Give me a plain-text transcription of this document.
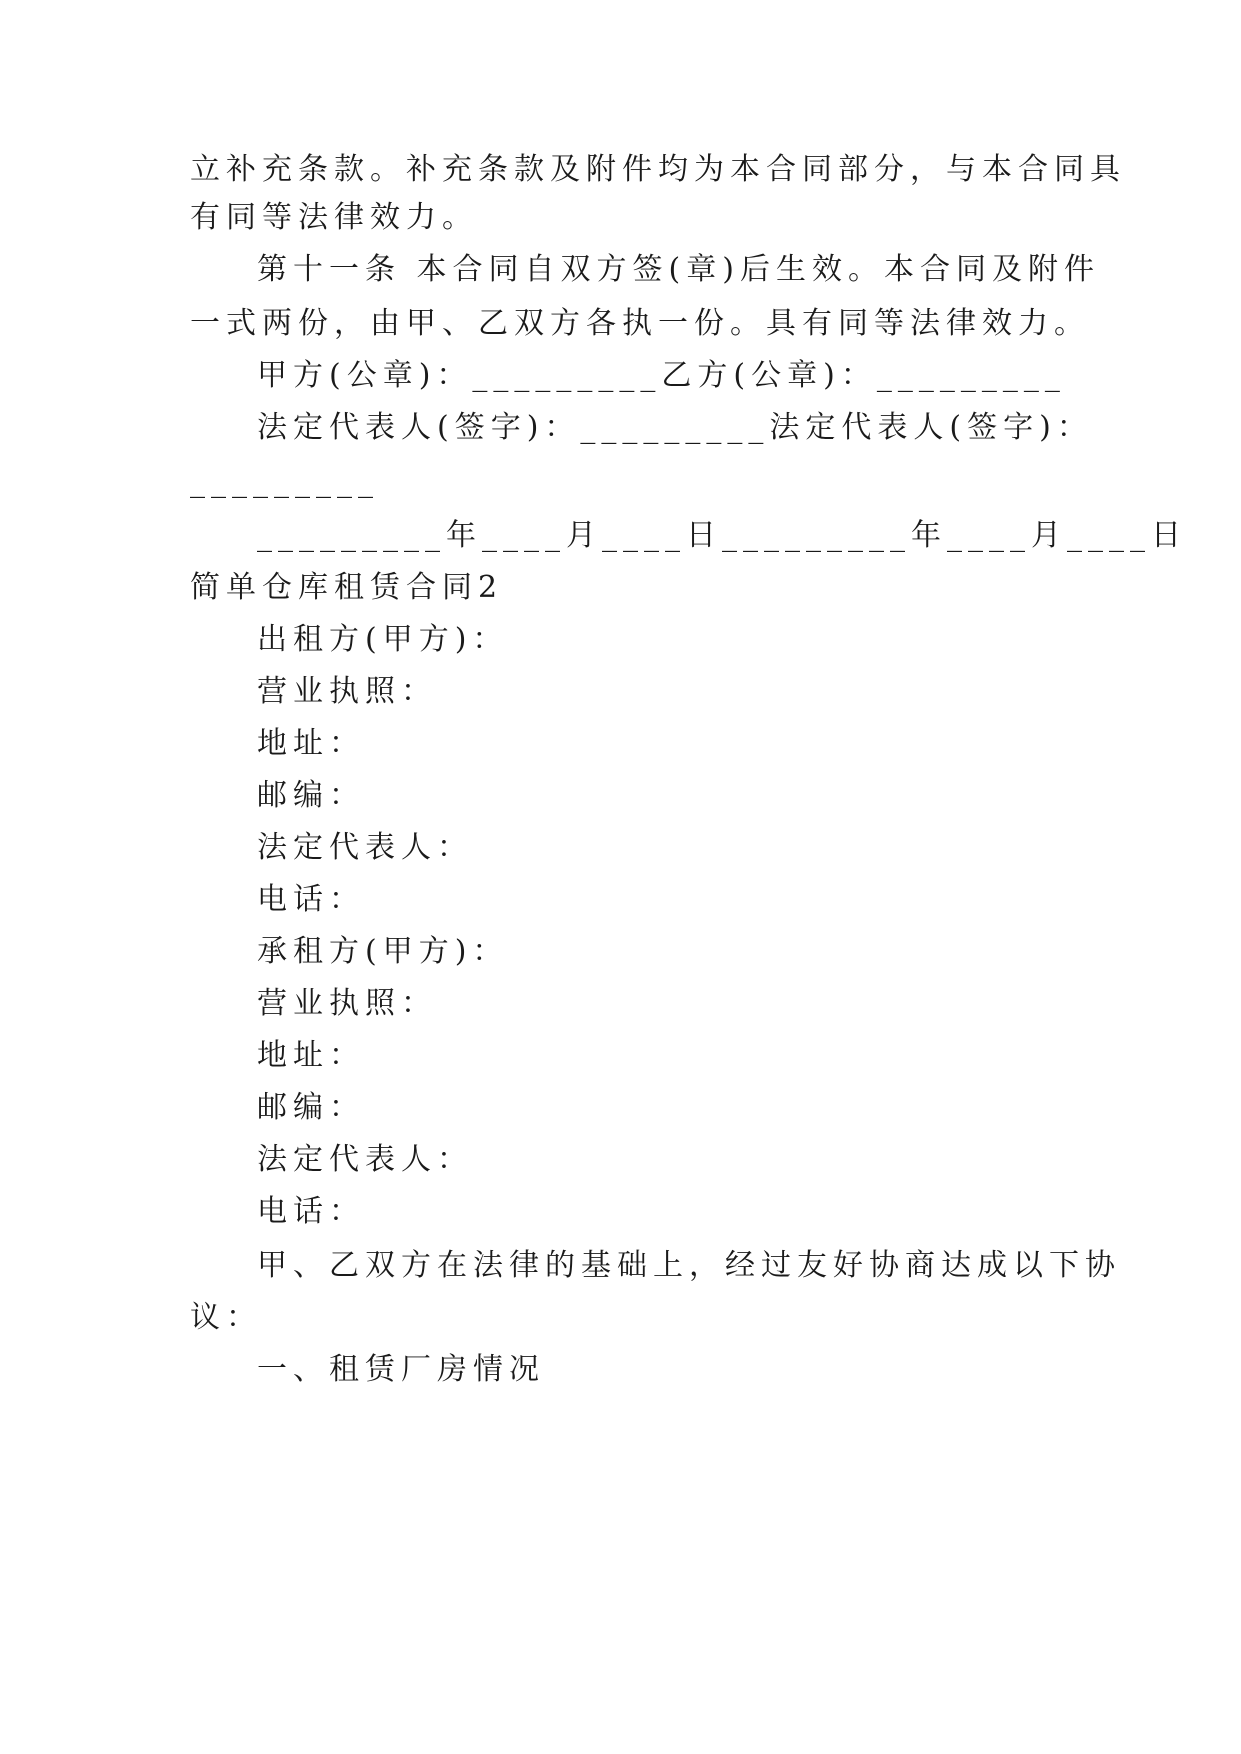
立补充条款。补充条款及附件均为本合同部分，与本合同具
有同等法律效力。
第十一条 本合同自双方签(章)后生效。本合同及附件
一式两份，由甲、乙双方各执一份。具有同等法律效力。
甲方(公章)：_________乙方(公章)：_________
法定代表人(签字)：_________法定代表人(签字)：
_________
_________年____月____日_________年____月____日
简单仓库租赁合同2
出租方(甲方)：
营业执照：
地址：
邮编：
法定代表人：
电话：
承租方(甲方)：
营业执照：
地址：
邮编：
法定代表人：
电话：
甲、乙双方在法律的基础上，经过友好协商达成以下协
议：
一、租赁厂房情况
